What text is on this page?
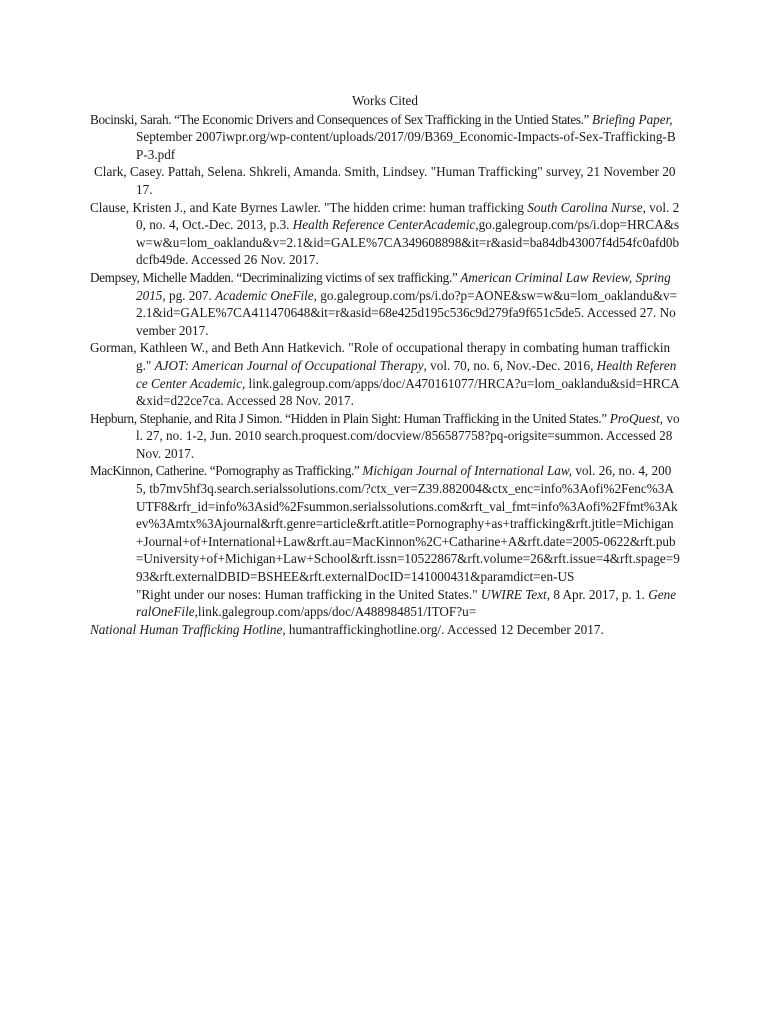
Works Cited

Bocinski, Sarah. “The Economic Drivers and Consequences of Sex Trafficking in the Untied States.” Briefing Paper, September 2007iwpr.org/wp-content/uploads/2017/09/B369_Economic-Impacts-of-Sex-Trafficking-BP-3.pdf

Clark, Casey. Pattah, Selena. Shkreli, Amanda. Smith, Lindsey. "Human Trafficking" survey, 21 November 2017.

Clause, Kristen J., and Kate Byrnes Lawler. "The hidden crime: human trafficking South Carolina Nurse, vol. 20, no. 4, Oct.-Dec. 2013, p.3. Health Reference CenterAcademic,go.galegroup.com/ps/i.dop=HRCA&sw=w&u=lom_oaklandu&v=2.1&id=GALE%7CA349608898&it=r&asid=ba84db43007f4d54fc0afd0bdcfb49de. Accessed 26 Nov. 2017.

Dempsey, Michelle Madden. “Decriminalizing victims of sex trafficking.” American Criminal Law Review, Spring 2015, pg. 207. Academic OneFile, go.galegroup.com/ps/i.do?p=AONE&sw=w&u=lom_oaklandu&v=2.1&id=GALE%7CA411470648&it=r&asid=68e425d195c536c9d279fa9f651c5de5. Accessed 27. November 2017.

Gorman, Kathleen W., and Beth Ann Hatkevich. "Role of occupational therapy in combating human trafficking." AJOT: American Journal of Occupational Therapy, vol. 70, no. 6, Nov.-Dec. 2016, Health Reference Center Academic, link.galegroup.com/apps/doc/A470161077/HRCA?u=lom_oaklandu&sid=HRCA&xid=d22ce7ca. Accessed 28 Nov. 2017.

Hepburn, Stephanie, and Rita J Simon. “Hidden in Plain Sight: Human Trafficking in the United States.” ProQuest, vol. 27, no. 1-2, Jun. 2010 search.proquest.com/docview/856587758?pq-origsite=summon. Accessed 28 Nov. 2017.

MacKinnon, Catherine. “Pornography as Trafficking.” Michigan Journal of International Law, vol. 26, no. 4, 2005, tb7mv5hf3q.search.serialssolutions.com/?ctx_ver=Z39.882004&ctx_enc=info%3Aofi%2Fenc%3AUTF8&rfr_id=info%3Asid%2Fsummon.serialssolutions.com&rft_val_fmt=info%3Aofi%2Ffmt%3Akev%3Amtx%3Ajournal&rft.genre=article&rft.atitle=Pornography+as+trafficking&rft.jtitle=Michigan+Journal+of+International+Law&rft.au=MacKinnon%2C+Catharine+A&rft.date=2005-0622&rft.pub=University+of+Michigan+Law+School&rft.issn=10522867&rft.volume=26&rft.issue=4&rft.spage=993&rft.externalDBID=BSHEE&rft.externalDocID=141000431&paramdict=en-US

"Right under our noses: Human trafficking in the United States." UWIRE Text, 8 Apr. 2017, p. 1. GeneralOneFile,link.galegroup.com/apps/doc/A488984851/ITOF?u=

National Human Trafficking Hotline, humantraffickinghotline.org/. Accessed 12 December 2017.
